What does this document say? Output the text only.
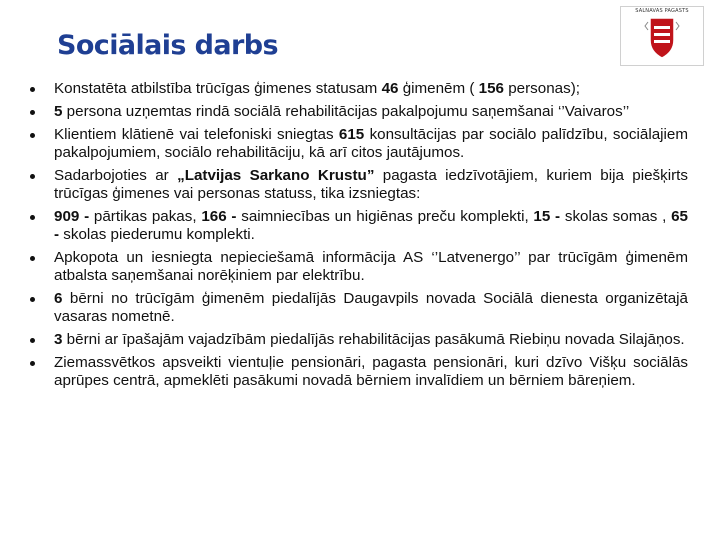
Sociālais darbs
SALNAVAS PAGASTS
Konstatēta atbilstība trūcīgas ģimenes statusam 46 ģimenēm ( 156 personas);
5 persona uzņemtas rindā sociālā rehabilitācijas pakalpojumu saņemšanai ‘’Vaivaros’’
Klientiem klātienē vai telefoniski sniegtas 615 konsultācijas par sociālo palīdzību, sociālajiem pakalpojumiem, sociālo rehabilitāciju, kā arī citos jautājumos.
Sadarbojoties ar „Latvijas Sarkano Krustu” pagasta iedzīvotājiem, kuriem bija piešķirts trūcīgas ģimenes vai personas statuss, tika izsniegtas:
909 - pārtikas pakas, 166 - saimniecības un higiēnas preču komplekti, 15 - skolas somas , 65 - skolas piederumu komplekti.
Apkopota un iesniegta nepieciešamā informācija AS ‘’Latvenergo’’ par trūcīgām ģimenēm atbalsta saņemšanai norēķiniem par elektrību.
6 bērni no trūcīgām ģimenēm piedalījās Daugavpils novada Sociālā dienesta organizētajā vasaras nometnē.
3 bērni ar īpašajām vajadzībām piedalījās rehabilitācijas pasākumā Riebiņu novada Silajāņos.
Ziemassvētkos apsveikti vientuļie pensionāri, pagasta pensionāri, kuri dzīvo Višķu sociālās aprūpes centrā, apmeklēti pasākumi novadā bērniem invalīdiem un bērniem bāreņiem.
